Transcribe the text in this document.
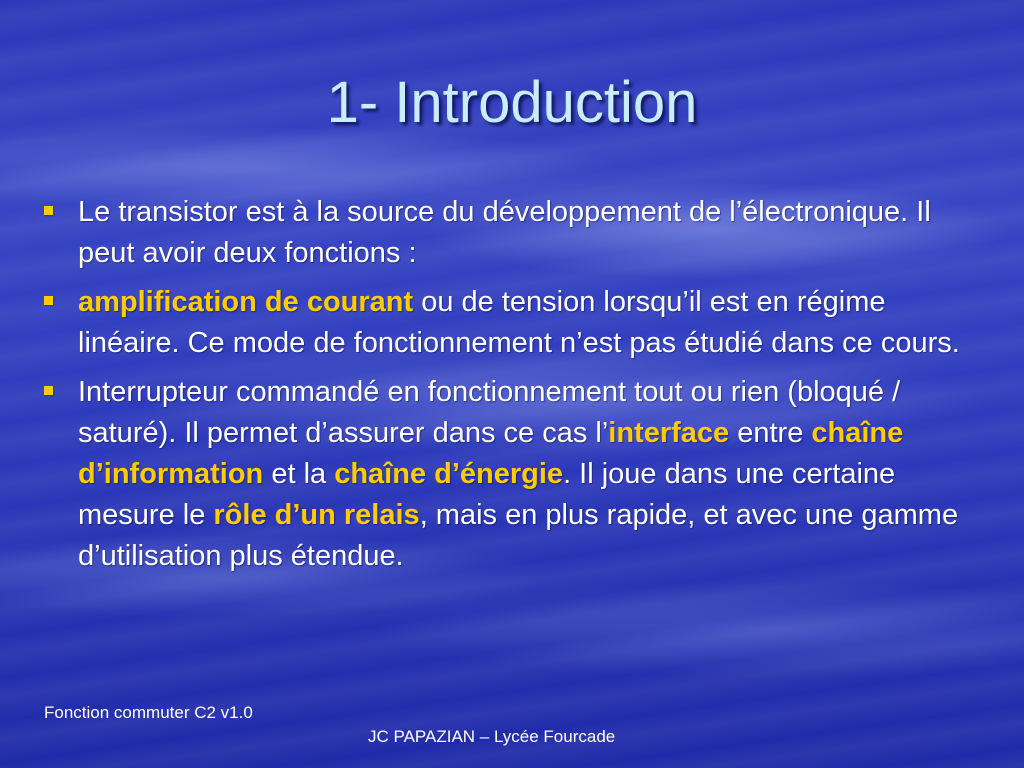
1- Introduction
Le transistor est à la source du développement de l’électronique. Il peut avoir deux fonctions :
amplification de courant ou de tension lorsqu’il est en régime linéaire. Ce mode de fonctionnement n’est pas étudié dans ce cours.
Interrupteur commandé en fonctionnement tout ou rien (bloqué / saturé). Il permet d’assurer dans ce cas l’interface entre chaîne d’information et la chaîne d’énergie. Il joue dans une certaine mesure le rôle d’un relais, mais en plus rapide, et avec une gamme d’utilisation plus étendue.
Fonction commuter C2 v1.0
JC PAPAZIAN – Lycée Fourcade
